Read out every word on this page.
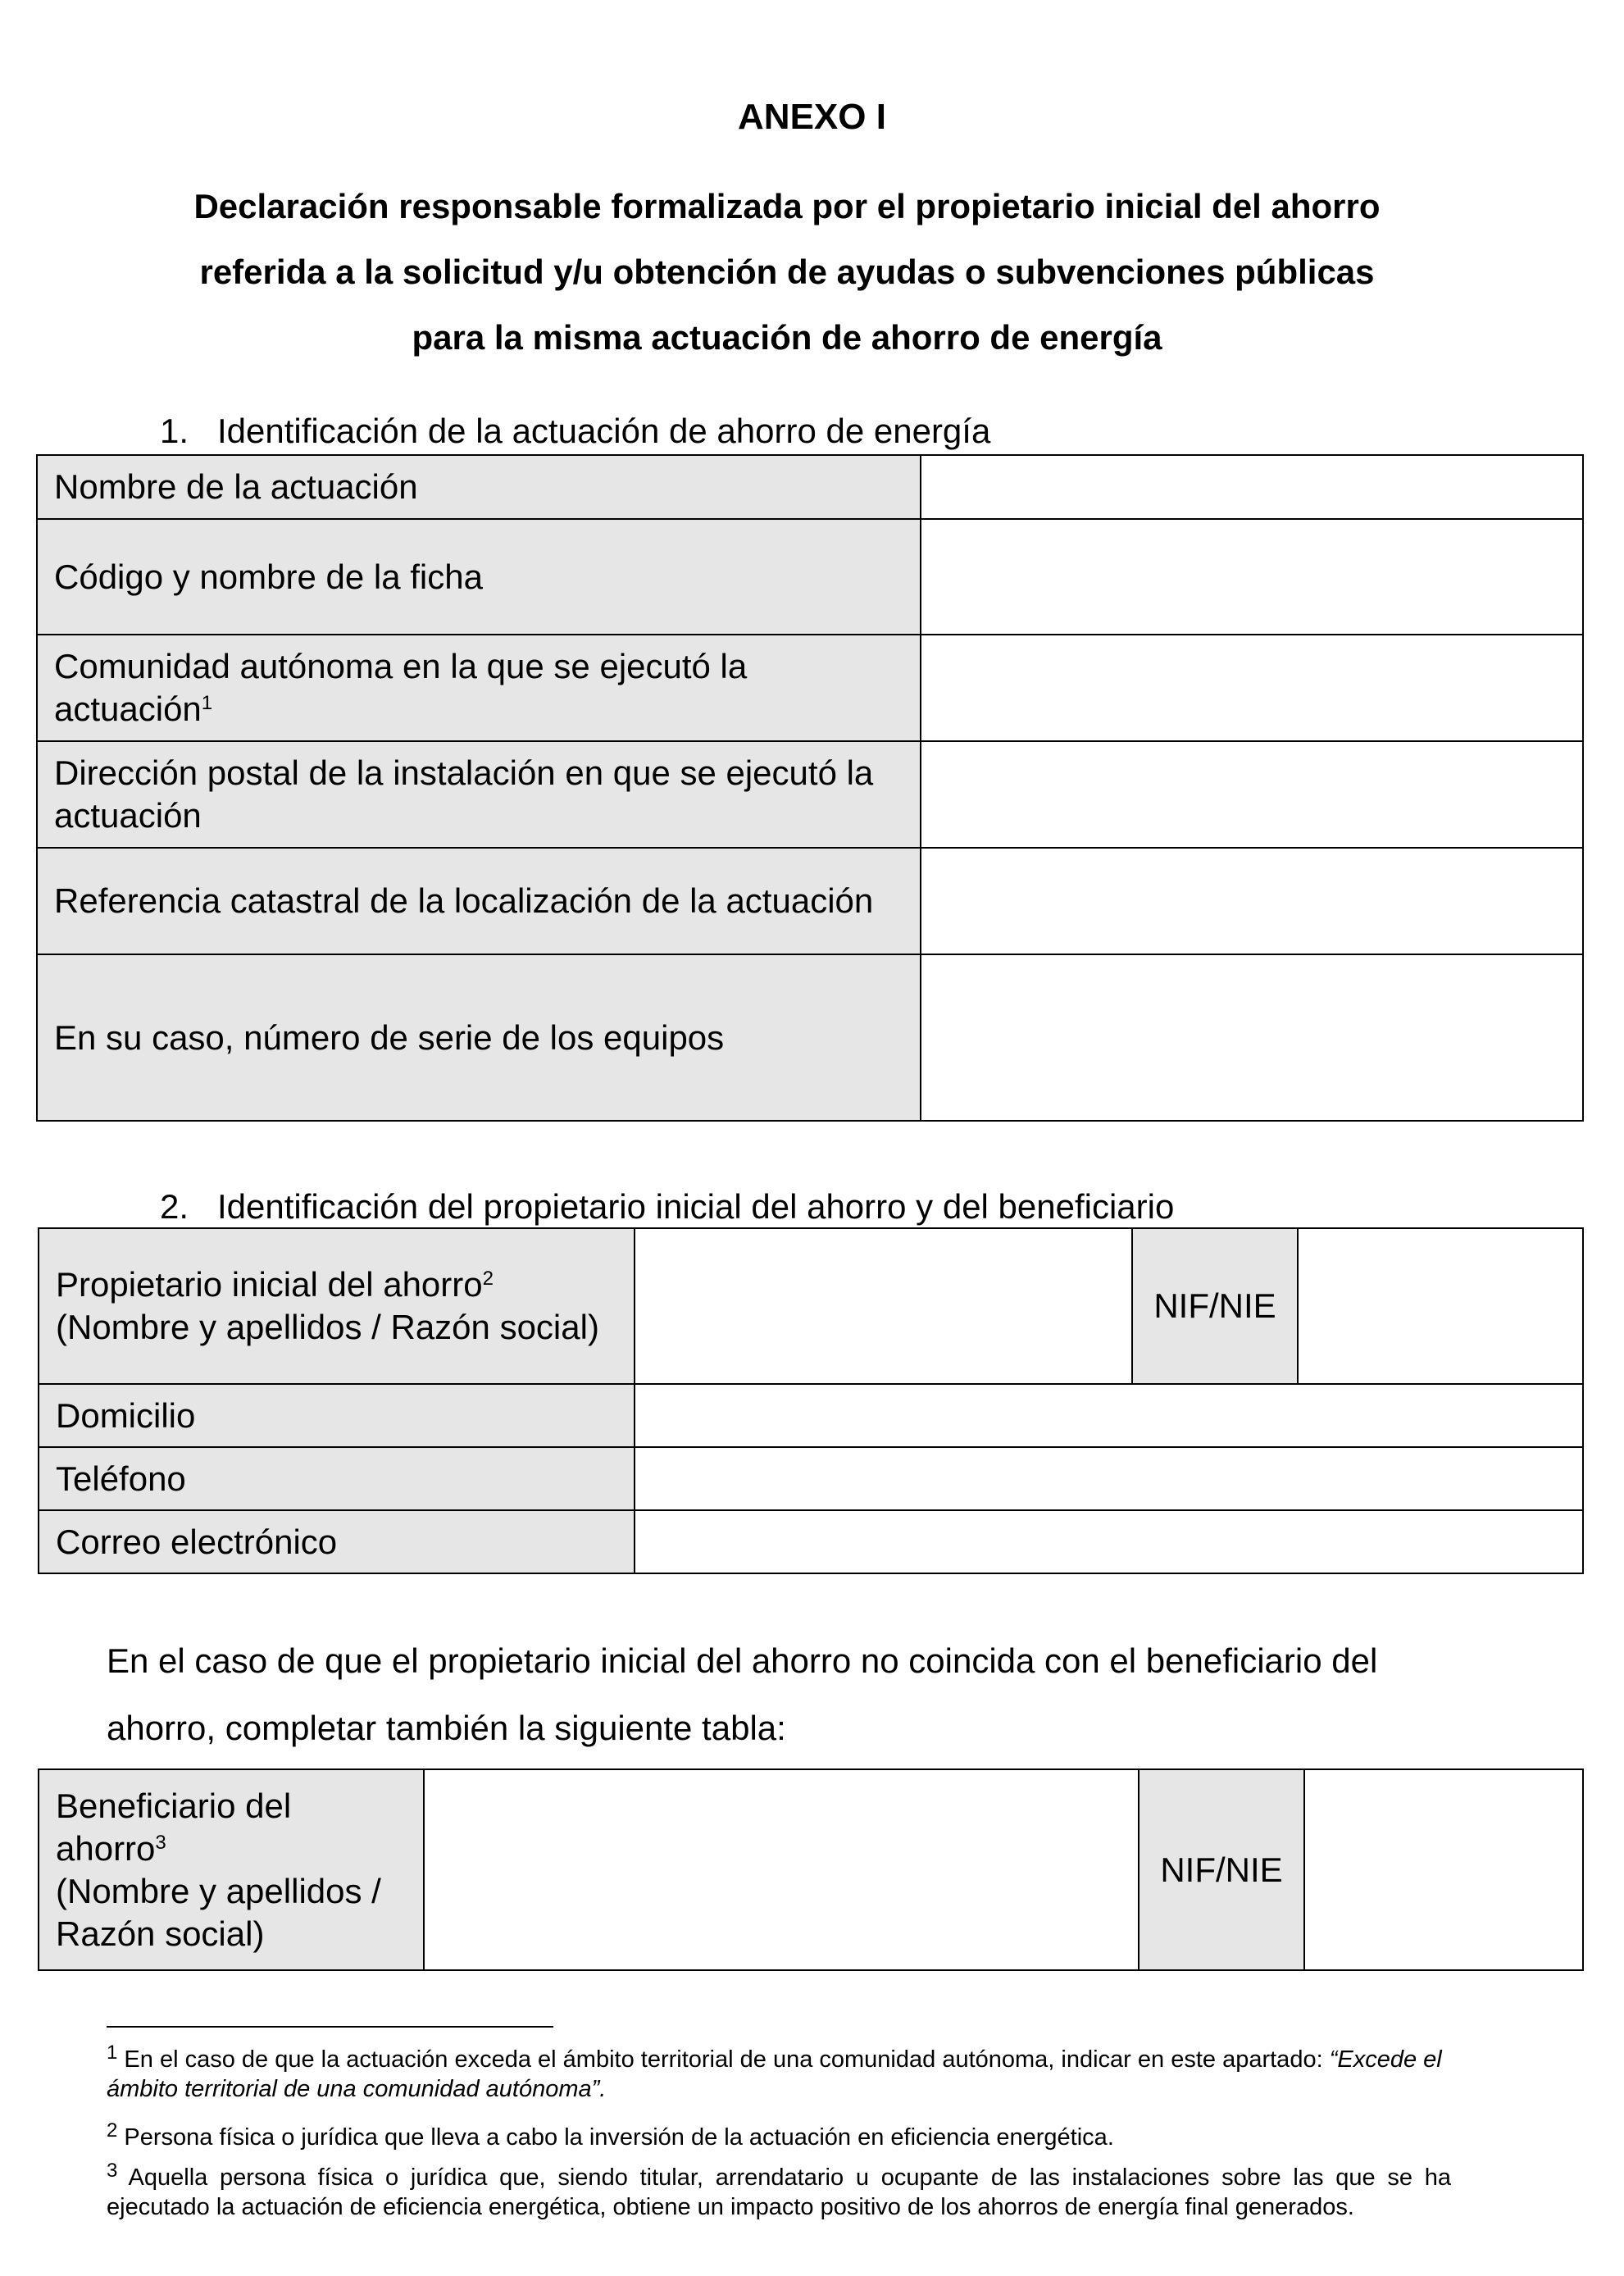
ANEXO I
Declaración responsable formalizada por el propietario inicial del ahorro
referida a la solicitud y/u obtención de ayudas o subvenciones públicas
para la misma actuación de ahorro de energía
1. Identificación de la actuación de ahorro de energía
Nombre de la actuación	
Código y nombre de la ficha	
Comunidad autónoma en la que se ejecutó la actuación$^1$	
Dirección postal de la instalación en que se ejecutó la actuación	
Referencia catastral de la localización de la actuación	
En su caso, número de serie de los equipos	
2. Identificación del propietario inicial del ahorro y del beneficiario
Propietario inicial del ahorro$^2$
(Nombre y apellidos / Razón social)		NIF/NIE	
Domicilio			
Teléfono			
Correo electrónico			
En el caso de que el propietario inicial del ahorro no coincida con el beneficiario del ahorro, completar también la siguiente tabla:
Beneficiario del ahorro$^3$
(Nombre y apellidos / Razón social)		NIF/NIE	
$^1$ En el caso de que la actuación exceda el ámbito territorial de una comunidad autónoma, indicar en este apartado: “Excede el ámbito territorial de una comunidad autónoma”.
$^2$ Persona física o jurídica que lleva a cabo la inversión de la actuación en eficiencia energética.
$^3$ Aquella persona física o jurídica que, siendo titular, arrendatario u ocupante de las instalaciones sobre las que se ha ejecutado la actuación de eficiencia energética, obtiene un impacto positivo de los ahorros de energía final generados.
